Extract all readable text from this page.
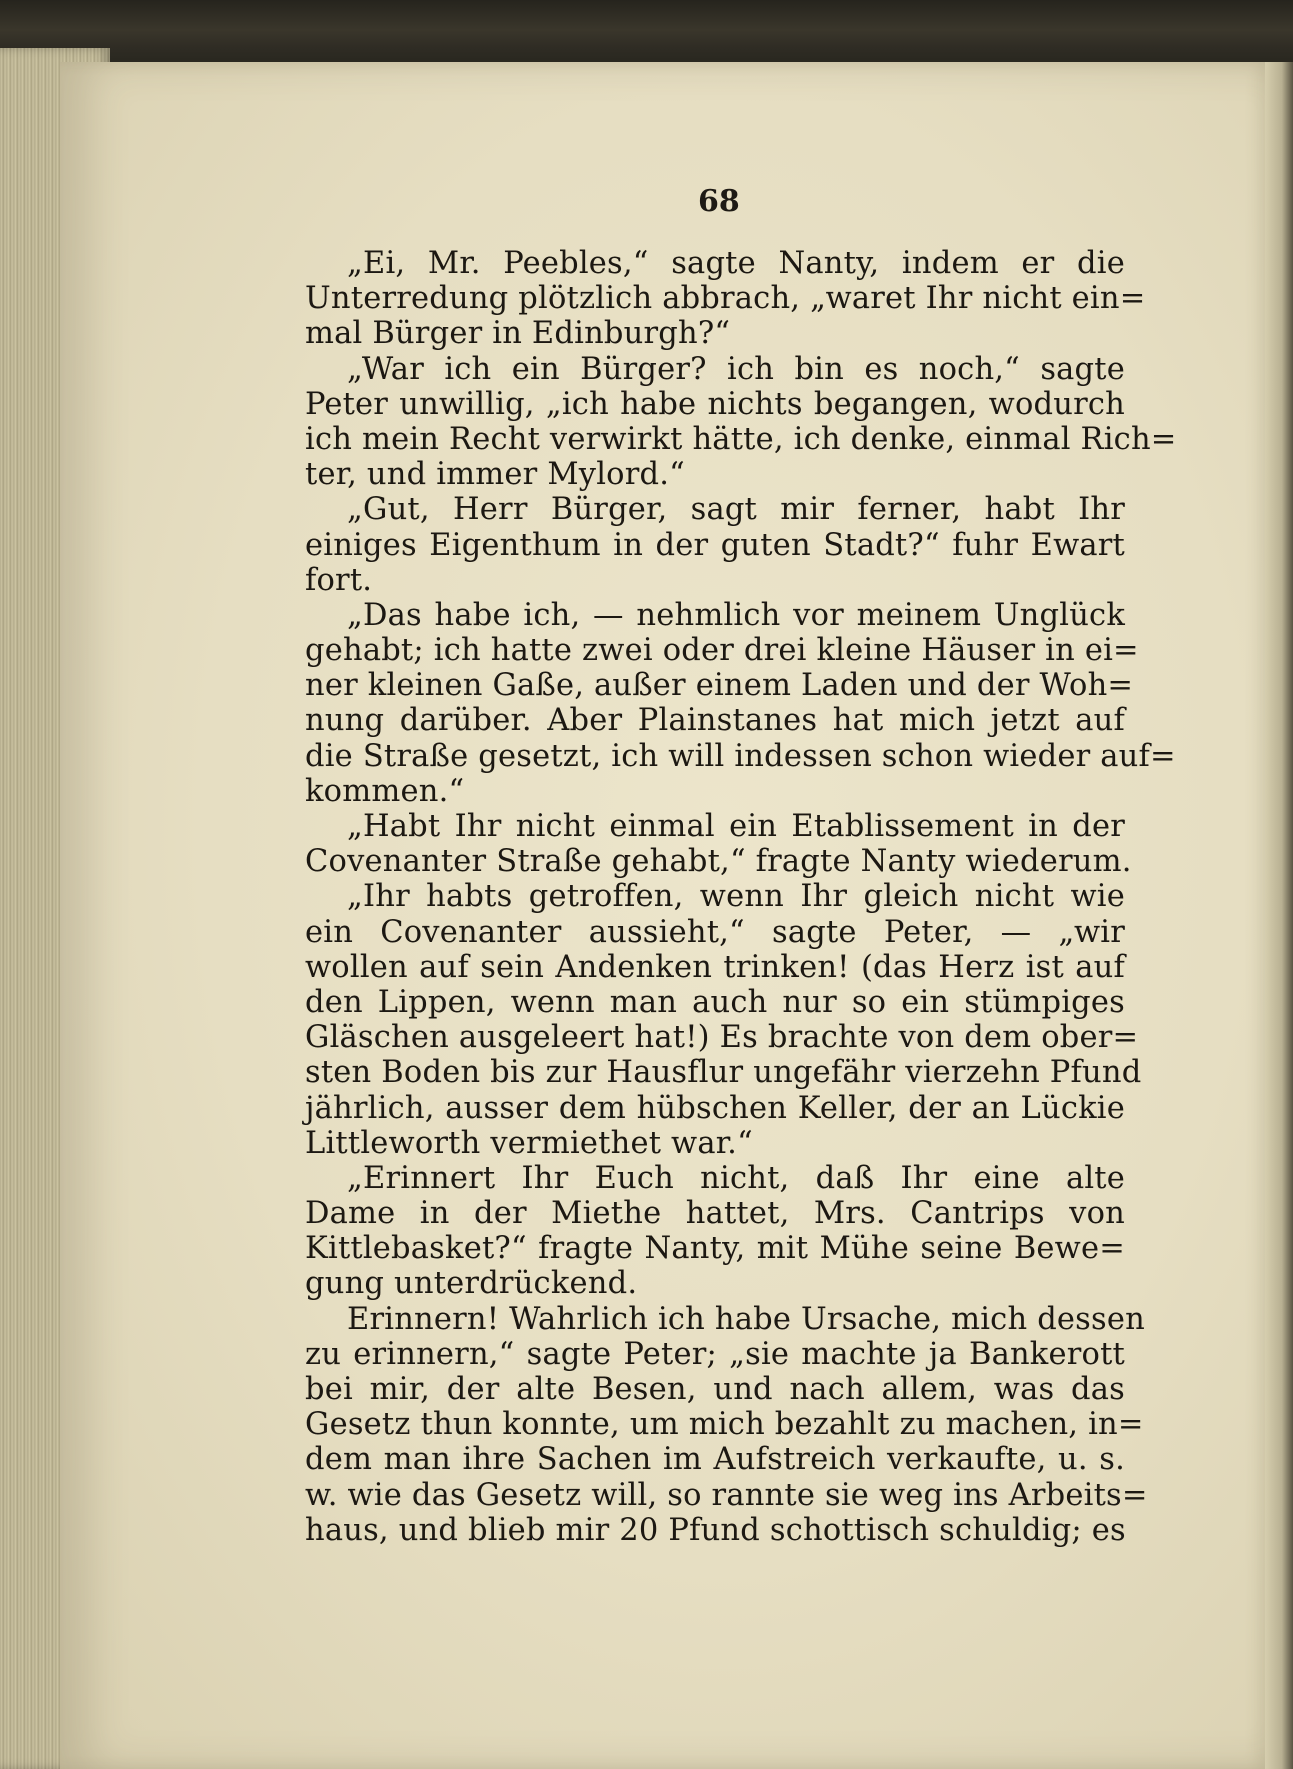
68
„Ei, Mr. Peebles,“ sagte Nanty, indem er die
Unterredung plötzlich abbrach, „waret Ihr nicht ein=
mal Bürger in Edinburgh?“
„War ich ein Bürger? ich bin es noch,“ sagte
Peter unwillig, „ich habe nichts begangen, wodurch
ich mein Recht verwirkt hätte, ich denke, einmal Rich=
ter, und immer Mylord.“
„Gut, Herr Bürger, sagt mir ferner, habt Ihr
einiges Eigenthum in der guten Stadt?“ fuhr Ewart
fort.
„Das habe ich, — nehmlich vor meinem Unglück
gehabt; ich hatte zwei oder drei kleine Häuser in ei=
ner kleinen Gaße, außer einem Laden und der Woh=
nung darüber. Aber Plainstanes hat mich jetzt auf
die Straße gesetzt, ich will indessen schon wieder auf=
kommen.“
„Habt Ihr nicht einmal ein Etablissement in der
Covenanter Straße gehabt,“ fragte Nanty wiederum.
„Ihr habts getroffen, wenn Ihr gleich nicht wie
ein Covenanter aussieht,“ sagte Peter, — „wir
wollen auf sein Andenken trinken! (das Herz ist auf
den Lippen, wenn man auch nur so ein stümpiges
Gläschen ausgeleert hat!) Es brachte von dem ober=
sten Boden bis zur Hausflur ungefähr vierzehn Pfund
jährlich, ausser dem hübschen Keller, der an Lückie
Littleworth vermiethet war.“
„Erinnert Ihr Euch nicht, daß Ihr eine alte
Dame in der Miethe hattet, Mrs. Cantrips von
Kittlebasket?“ fragte Nanty, mit Mühe seine Bewe=
gung unterdrückend.
Erinnern! Wahrlich ich habe Ursache, mich dessen
zu erinnern,“ sagte Peter; „sie machte ja Bankerott
bei mir, der alte Besen, und nach allem, was das
Gesetz thun konnte, um mich bezahlt zu machen, in=
dem man ihre Sachen im Aufstreich verkaufte, u. s.
w. wie das Gesetz will, so rannte sie weg ins Arbeits=
haus, und blieb mir 20 Pfund schottisch schuldig; es
